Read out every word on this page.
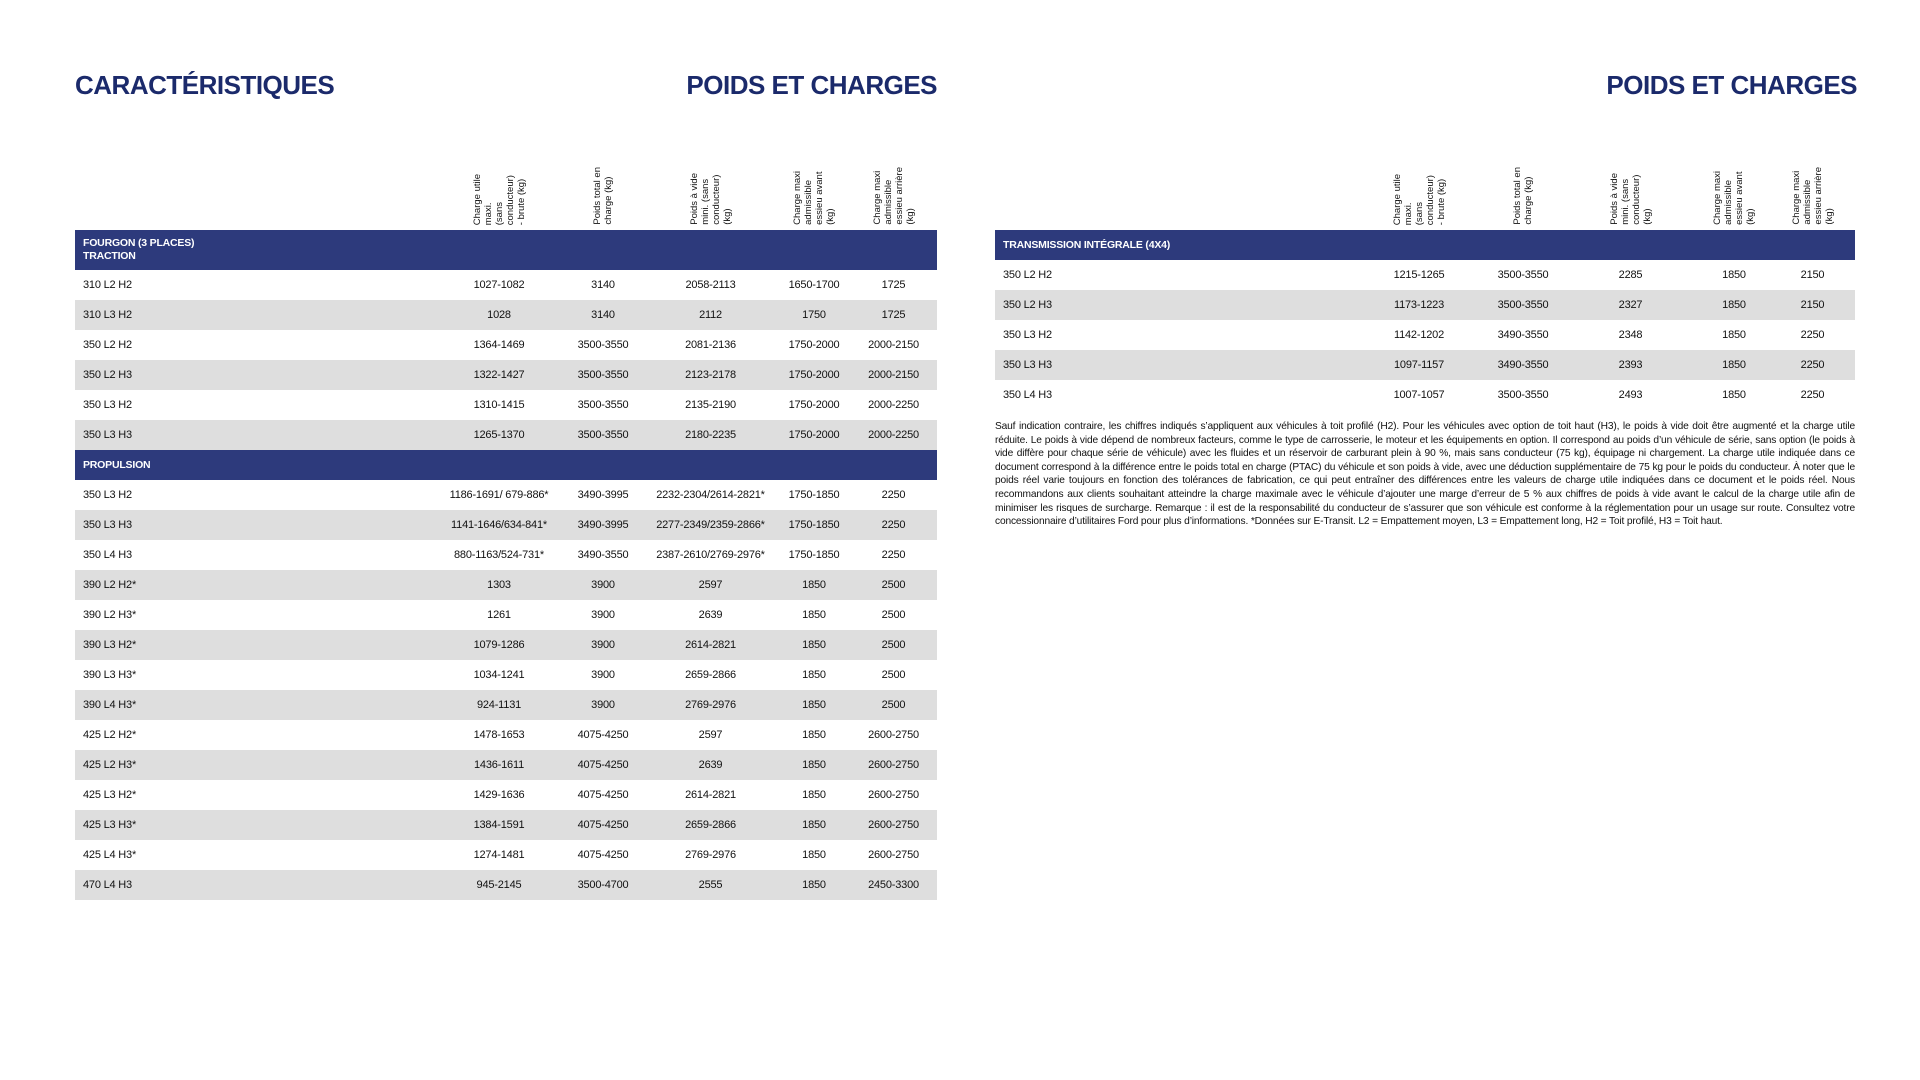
CARACTÉRISTIQUES	POIDS ET CHARGES	POIDS ET CHARGES
	Charge utile
maxi.
(sans
conducteur)
- brute (kg)	Poids total en
charge (kg)	Poids à vide
mini. (sans
conducteur)
(kg)	Charge maxi
admissible
essieu avant
(kg)	Charge maxi
admissible
essieu arrière
(kg)
FOURGON (3 PLACES)
TRACTION					
310 L2 H2	1027-1082	3140	2058-2113	1650-1700	1725
310 L3 H2	1028	3140	2112	1750	1725
350 L2 H2	1364-1469	3500-3550	2081-2136	1750-2000	2000-2150
350 L2 H3	1322-1427	3500-3550	2123-2178	1750-2000	2000-2150
350 L3 H2	1310-1415	3500-3550	2135-2190	1750-2000	2000-2250
350 L3 H3	1265-1370	3500-3550	2180-2235	1750-2000	2000-2250
PROPULSION					
350 L3 H2	1186-1691/ 679-886*	3490-3995	2232-2304/2614-2821*	1750-1850	2250
350 L3 H3	1141-1646/634-841*	3490-3995	2277-2349/2359-2866*	1750-1850	2250
350 L4 H3	880-1163/524-731*	3490-3550	2387-2610/2769-2976*	1750-1850	2250
390 L2 H2*	1303	3900	2597	1850	2500
390 L2 H3*	1261	3900	2639	1850	2500
390 L3 H2*	1079-1286	3900	2614-2821	1850	2500
390 L3 H3*	1034-1241	3900	2659-2866	1850	2500
390 L4 H3*	924-1131	3900	2769-2976	1850	2500
425 L2 H2*	1478-1653	4075-4250	2597	1850	2600-2750
425 L2 H3*	1436-1611	4075-4250	2639	1850	2600-2750
425 L3 H2*	1429-1636	4075-4250	2614-2821	1850	2600-2750
425 L3 H3*	1384-1591	4075-4250	2659-2866	1850	2600-2750
425 L4 H3*	1274-1481	4075-4250	2769-2976	1850	2600-2750
470 L4 H3	945-2145	3500-4700	2555	1850	2450-3300
	Charge utile
maxi.
(sans
conducteur)
- brute (kg)	Poids total en
charge (kg)	Poids à vide
mini. (sans
conducteur)
(kg)	Charge maxi
admissible
essieu avant
(kg)	Charge maxi
admissible
essieu arrière
(kg)
TRANSMISSION INTÉGRALE (4X4)					
350 L2 H2	1215-1265	3500-3550	2285	1850	2150
350 L2 H3	1173-1223	3500-3550	2327	1850	2150
350 L3 H2	1142-1202	3490-3550	2348	1850	2250
350 L3 H3	1097-1157	3490-3550	2393	1850	2250
350 L4 H3	1007-1057	3500-3550	2493	1850	2250

Sauf indication contraire, les chiffres indiqués s’appliquent aux véhicules à toit profilé (H2). Pour les véhicules avec option de toit haut (H3), le poids à vide doit être augmenté et la charge utile réduite. Le poids à vide dépend de nombreux facteurs, comme le type de carrosserie, le moteur et les équipements en option. Il correspond au poids d’un véhicule de série, sans option (le poids à vide diffère pour chaque série de véhicule) avec les fluides et un réservoir de carburant plein à 90 %, mais sans conducteur (75 kg), équipage ni chargement. La charge utile indiquée dans ce document correspond à la différence entre le poids total en charge (PTAC) du véhicule et son poids à vide, avec une déduction supplémentaire de 75 kg pour le poids du conducteur. À noter que le poids réel varie toujours en fonction des tolérances de fabrication, ce qui peut entraîner des différences entre les valeurs de charge utile indiquées dans ce document et le poids réel. Nous recommandons aux clients souhaitant atteindre la charge maximale avec le véhicule d’ajouter une marge d’erreur de 5 % aux chiffres de poids à vide avant le calcul de la charge utile afin de minimiser les risques de surcharge. Remarque : il est de la responsabilité du conducteur de s’assurer que son véhicule est conforme à la réglementation pour un usage sur route. Consultez votre concessionnaire d’utilitaires Ford pour plus d’informations. *Données sur E-Transit. L2 = Empattement moyen, L3 = Empattement long, H2 = Toit profilé, H3 = Toit haut.
